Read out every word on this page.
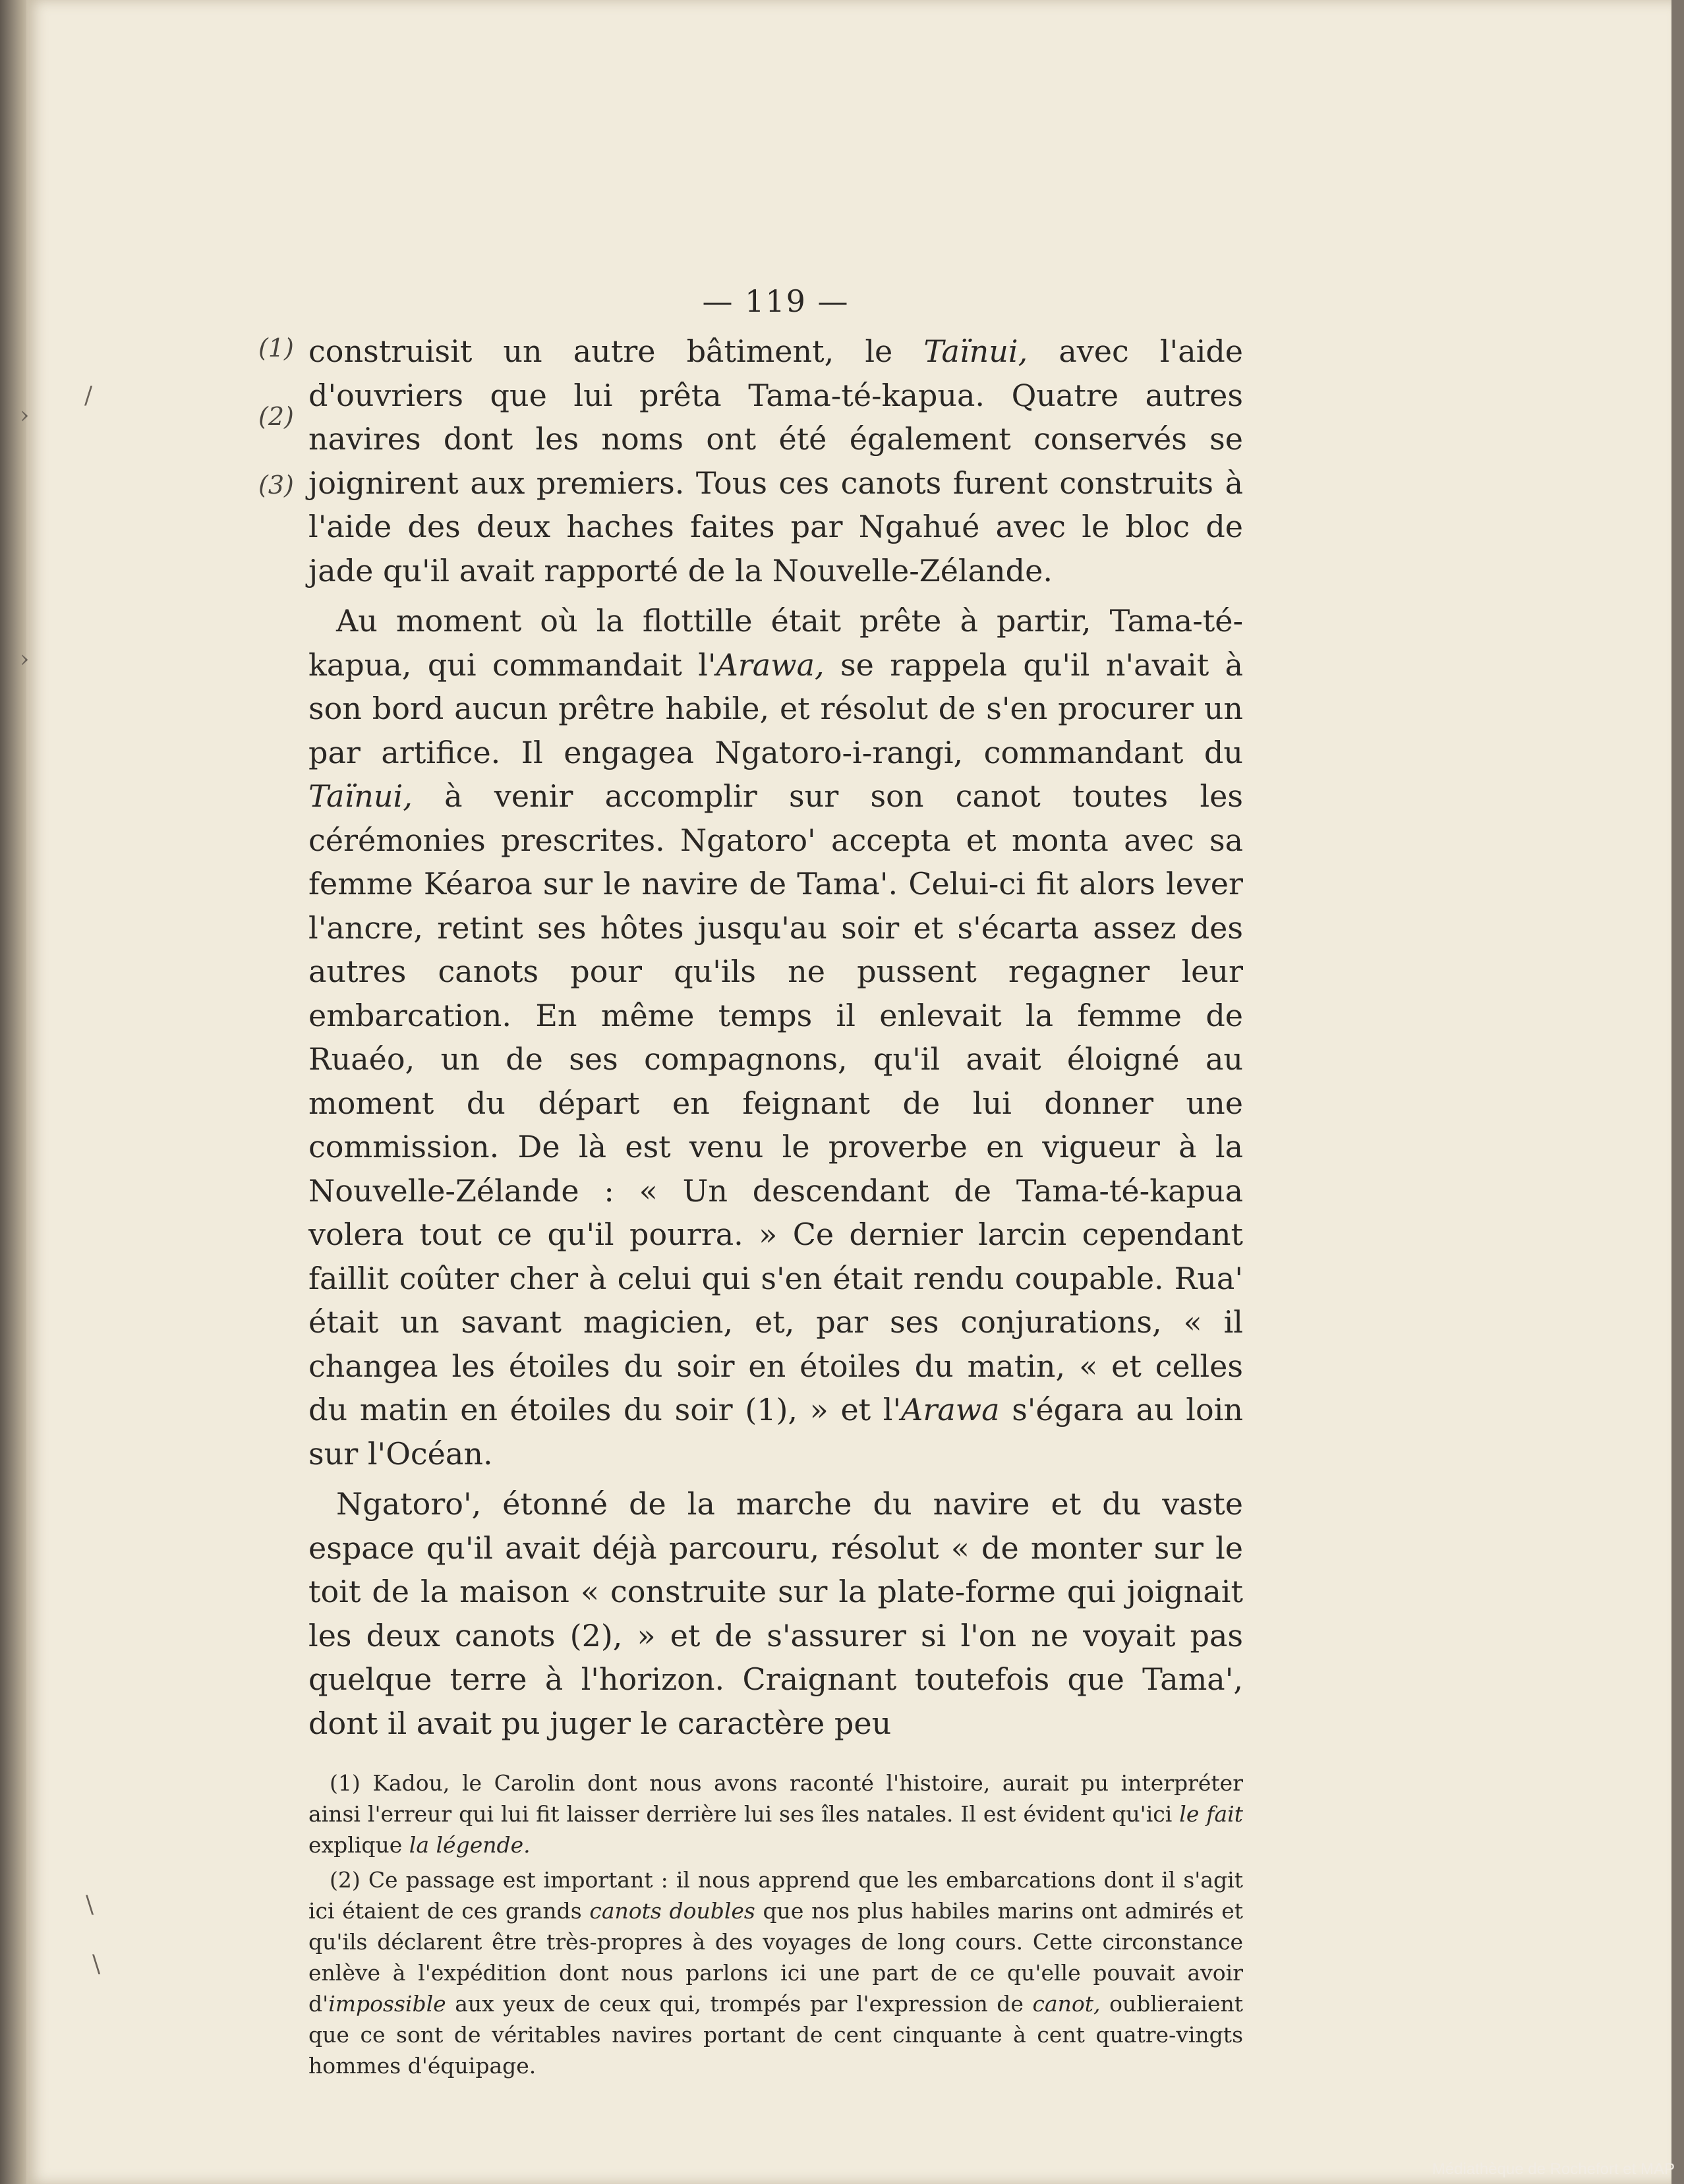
›
›
/
\
\
(1)
(2)
(3)
— 119 —

construisit un autre bâtiment, le Taïnui, avec l'aide d'ouvriers que lui prêta Tama-té-kapua. Quatre autres navires dont les noms ont été également conservés se joignirent aux premiers. Tous ces canots furent construits à l'aide des deux haches faites par Ngahué avec le bloc de jade qu'il avait rapporté de la Nouvelle-Zélande.

Au moment où la flottille était prête à partir, Tama-té-kapua, qui commandait l'Arawa, se rappela qu'il n'avait à son bord aucun prêtre habile, et résolut de s'en procurer un par artifice. Il engagea Ngatoro-i-rangi, commandant du Taïnui, à venir accomplir sur son canot toutes les cérémonies prescrites. Ngatoro' accepta et monta avec sa femme Kéaroa sur le navire de Tama'. Celui-ci fit alors lever l'ancre, retint ses hôtes jusqu'au soir et s'écarta assez des autres canots pour qu'ils ne pussent regagner leur embarcation. En même temps il enlevait la femme de Ruaéo, un de ses compagnons, qu'il avait éloigné au moment du départ en feignant de lui donner une commission. De là est venu le proverbe en vigueur à la Nouvelle-Zélande : « Un descendant de Tama-té-kapua volera tout ce qu'il pourra. » Ce dernier larcin cependant faillit coûter cher à celui qui s'en était rendu coupable. Rua' était un savant magicien, et, par ses conjurations, « il changea les étoiles du soir en étoiles du matin, « et celles du matin en étoiles du soir (1), » et l'Arawa s'égara au loin sur l'Océan.

Ngatoro', étonné de la marche du navire et du vaste espace qu'il avait déjà parcouru, résolut « de monter sur le toit de la maison « construite sur la plate-forme qui joignait les deux canots (2), » et de s'assurer si l'on ne voyait pas quelque terre à l'horizon. Craignant toutefois que Tama', dont il avait pu juger le caractère peu

(1) Kadou, le Carolin dont nous avons raconté l'histoire, aurait pu interpréter ainsi l'erreur qui lui fit laisser derrière lui ses îles natales. Il est évident qu'ici le fait explique la légende.

(2) Ce passage est important : il nous apprend que les embarcations dont il s'agit ici étaient de ces grands canots doubles que nos plus habiles marins ont admirés et qu'ils déclarent être très-propres à des voyages de long cours. Cette circonstance enlève à l'expédition dont nous parlons ici une part de ce qu'elle pouvait avoir d'impossible aux yeux de ceux qui, trompés par l'expression de canot, oublieraient que ce sont de véritables navires portant de cent cinquante à cent quatre-vingts hommes d'équipage.

Médiathèque de Rochefort et MAP
